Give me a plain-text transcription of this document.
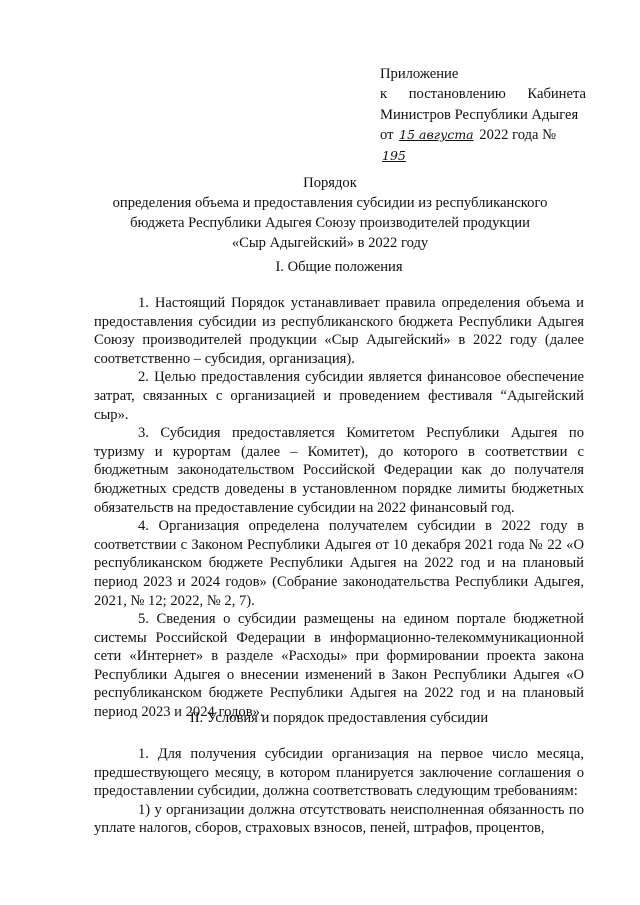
Приложение
к постановлению Кабинета
Министров Республики Адыгея
от 15 августа 2022 года № 195
Порядок
определения объема и предоставления субсидии из республиканского
бюджета Республики Адыгея Союзу производителей продукции
«Сыр Адыгейский» в 2022 году
I. Общие положения

1. Настоящий Порядок устанавливает правила определения объема и предоставления субсидии из республиканского бюджета Республики Адыгея Союзу производителей продукции «Сыр Адыгейский» в 2022 году (далее соответственно – субсидия, организация).

2. Целью предоставления субсидии является финансовое обеспечение затрат, связанных с организацией и проведением фестиваля “Адыгейский сыр».

3. Субсидия предоставляется Комитетом Республики Адыгея по туризму и курортам (далее – Комитет), до которого в соответствии с бюджетным законодательством Российской Федерации как до получателя бюджетных средств доведены в установленном порядке лимиты бюджетных обязательств на предоставление субсидии на 2022 финансовый год.

4. Организация определена получателем субсидии в 2022 году в соответствии с Законом Республики Адыгея от 10 декабря 2021 года № 22 «О республиканском бюджете Республики Адыгея на 2022 год и на плановый период 2023 и 2024 годов» (Собрание законодательства Республики Адыгея, 2021, № 12; 2022, № 2, 7).

5. Сведения о субсидии размещены на едином портале бюджетной системы Российской Федерации в информационно-телекоммуникационной сети «Интернет» в разделе «Расходы» при формировании проекта закона Республики Адыгея о внесении изменений в Закон Республики Адыгея «О республиканском бюджете Республики Адыгея на 2022 год и на плановый период 2023 и 2024 годов».

II. Условия и порядок предоставления субсидии

1. Для получения субсидии организация на первое число месяца, предшествующего месяцу, в котором планируется заключение соглашения о предоставлении субсидии, должна соответствовать следующим требованиям:

1) у организации должна отсутствовать неисполненная обязанность по уплате налогов, сборов, страховых взносов, пеней, штрафов, процентов,
